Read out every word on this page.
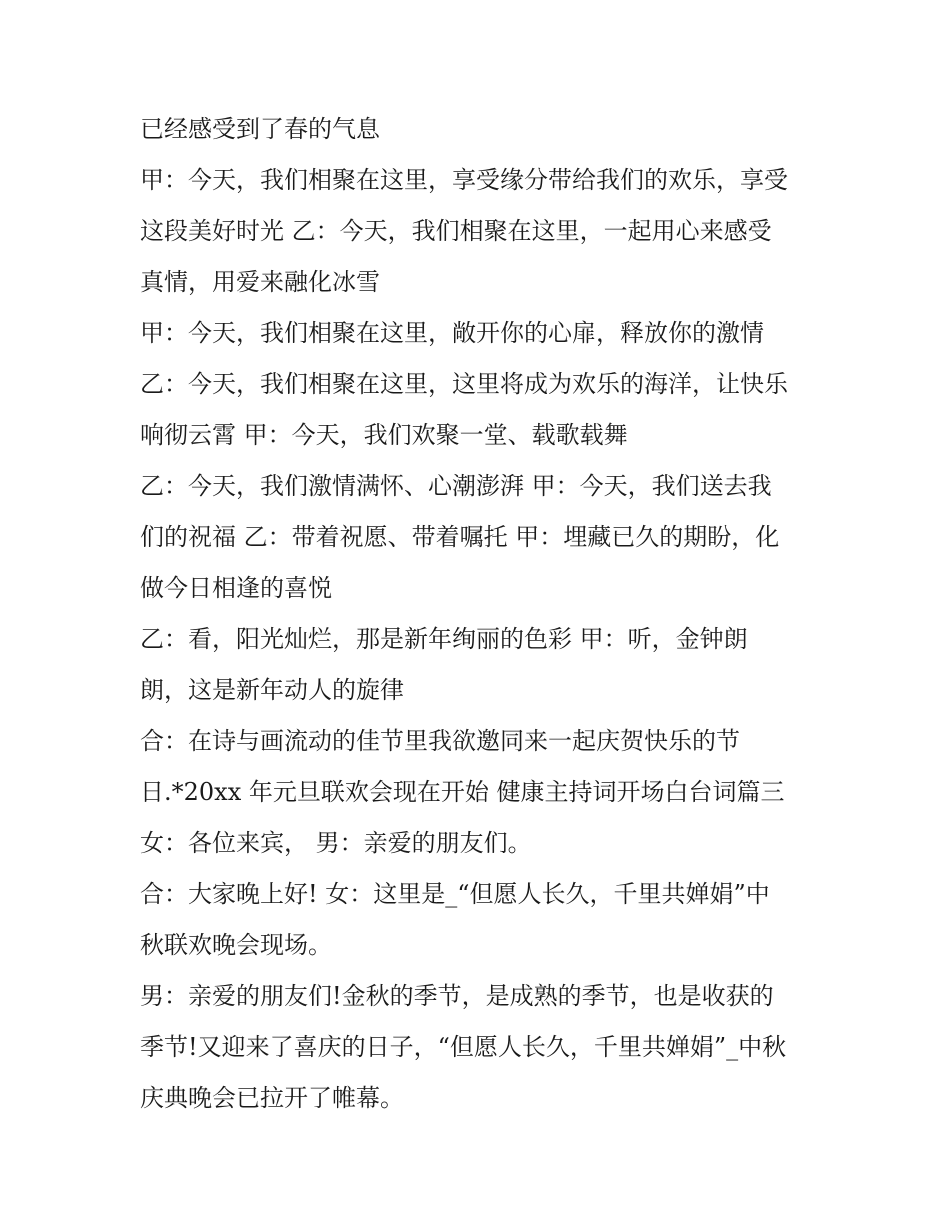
已经感受到了春的气息
甲：今天，我们相聚在这里，享受缘分带给我们的欢乐，享受
这段美好时光 乙：今天，我们相聚在这里，一起用心来感受
真情，用爱来融化冰雪
甲：今天，我们相聚在这里，敞开你的心扉，释放你的激情
乙：今天，我们相聚在这里，这里将成为欢乐的海洋，让快乐
响彻云霄 甲：今天，我们欢聚一堂、载歌载舞
乙：今天，我们激情满怀、心潮澎湃 甲：今天，我们送去我
们的祝福 乙：带着祝愿、带着嘱托 甲：埋藏已久的期盼，化
做今日相逢的喜悦
乙：看，阳光灿烂，那是新年绚丽的色彩 甲：听，金钟朗
朗，这是新年动人的旋律
合：在诗与画流动的佳节里我欲邀同来一起庆贺快乐的节
日.*20xx 年元旦联欢会现在开始 健康主持词开场白台词篇三
女：各位来宾， 男：亲爱的朋友们。
合：大家晚上好! 女：这里是_“但愿人长久，千里共婵娟”中
秋联欢晚会现场。
男：亲爱的朋友们!金秋的季节，是成熟的季节，也是收获的
季节!又迎来了喜庆的日子，“但愿人长久，千里共婵娟”_中秋
庆典晚会已拉开了帷幕。
